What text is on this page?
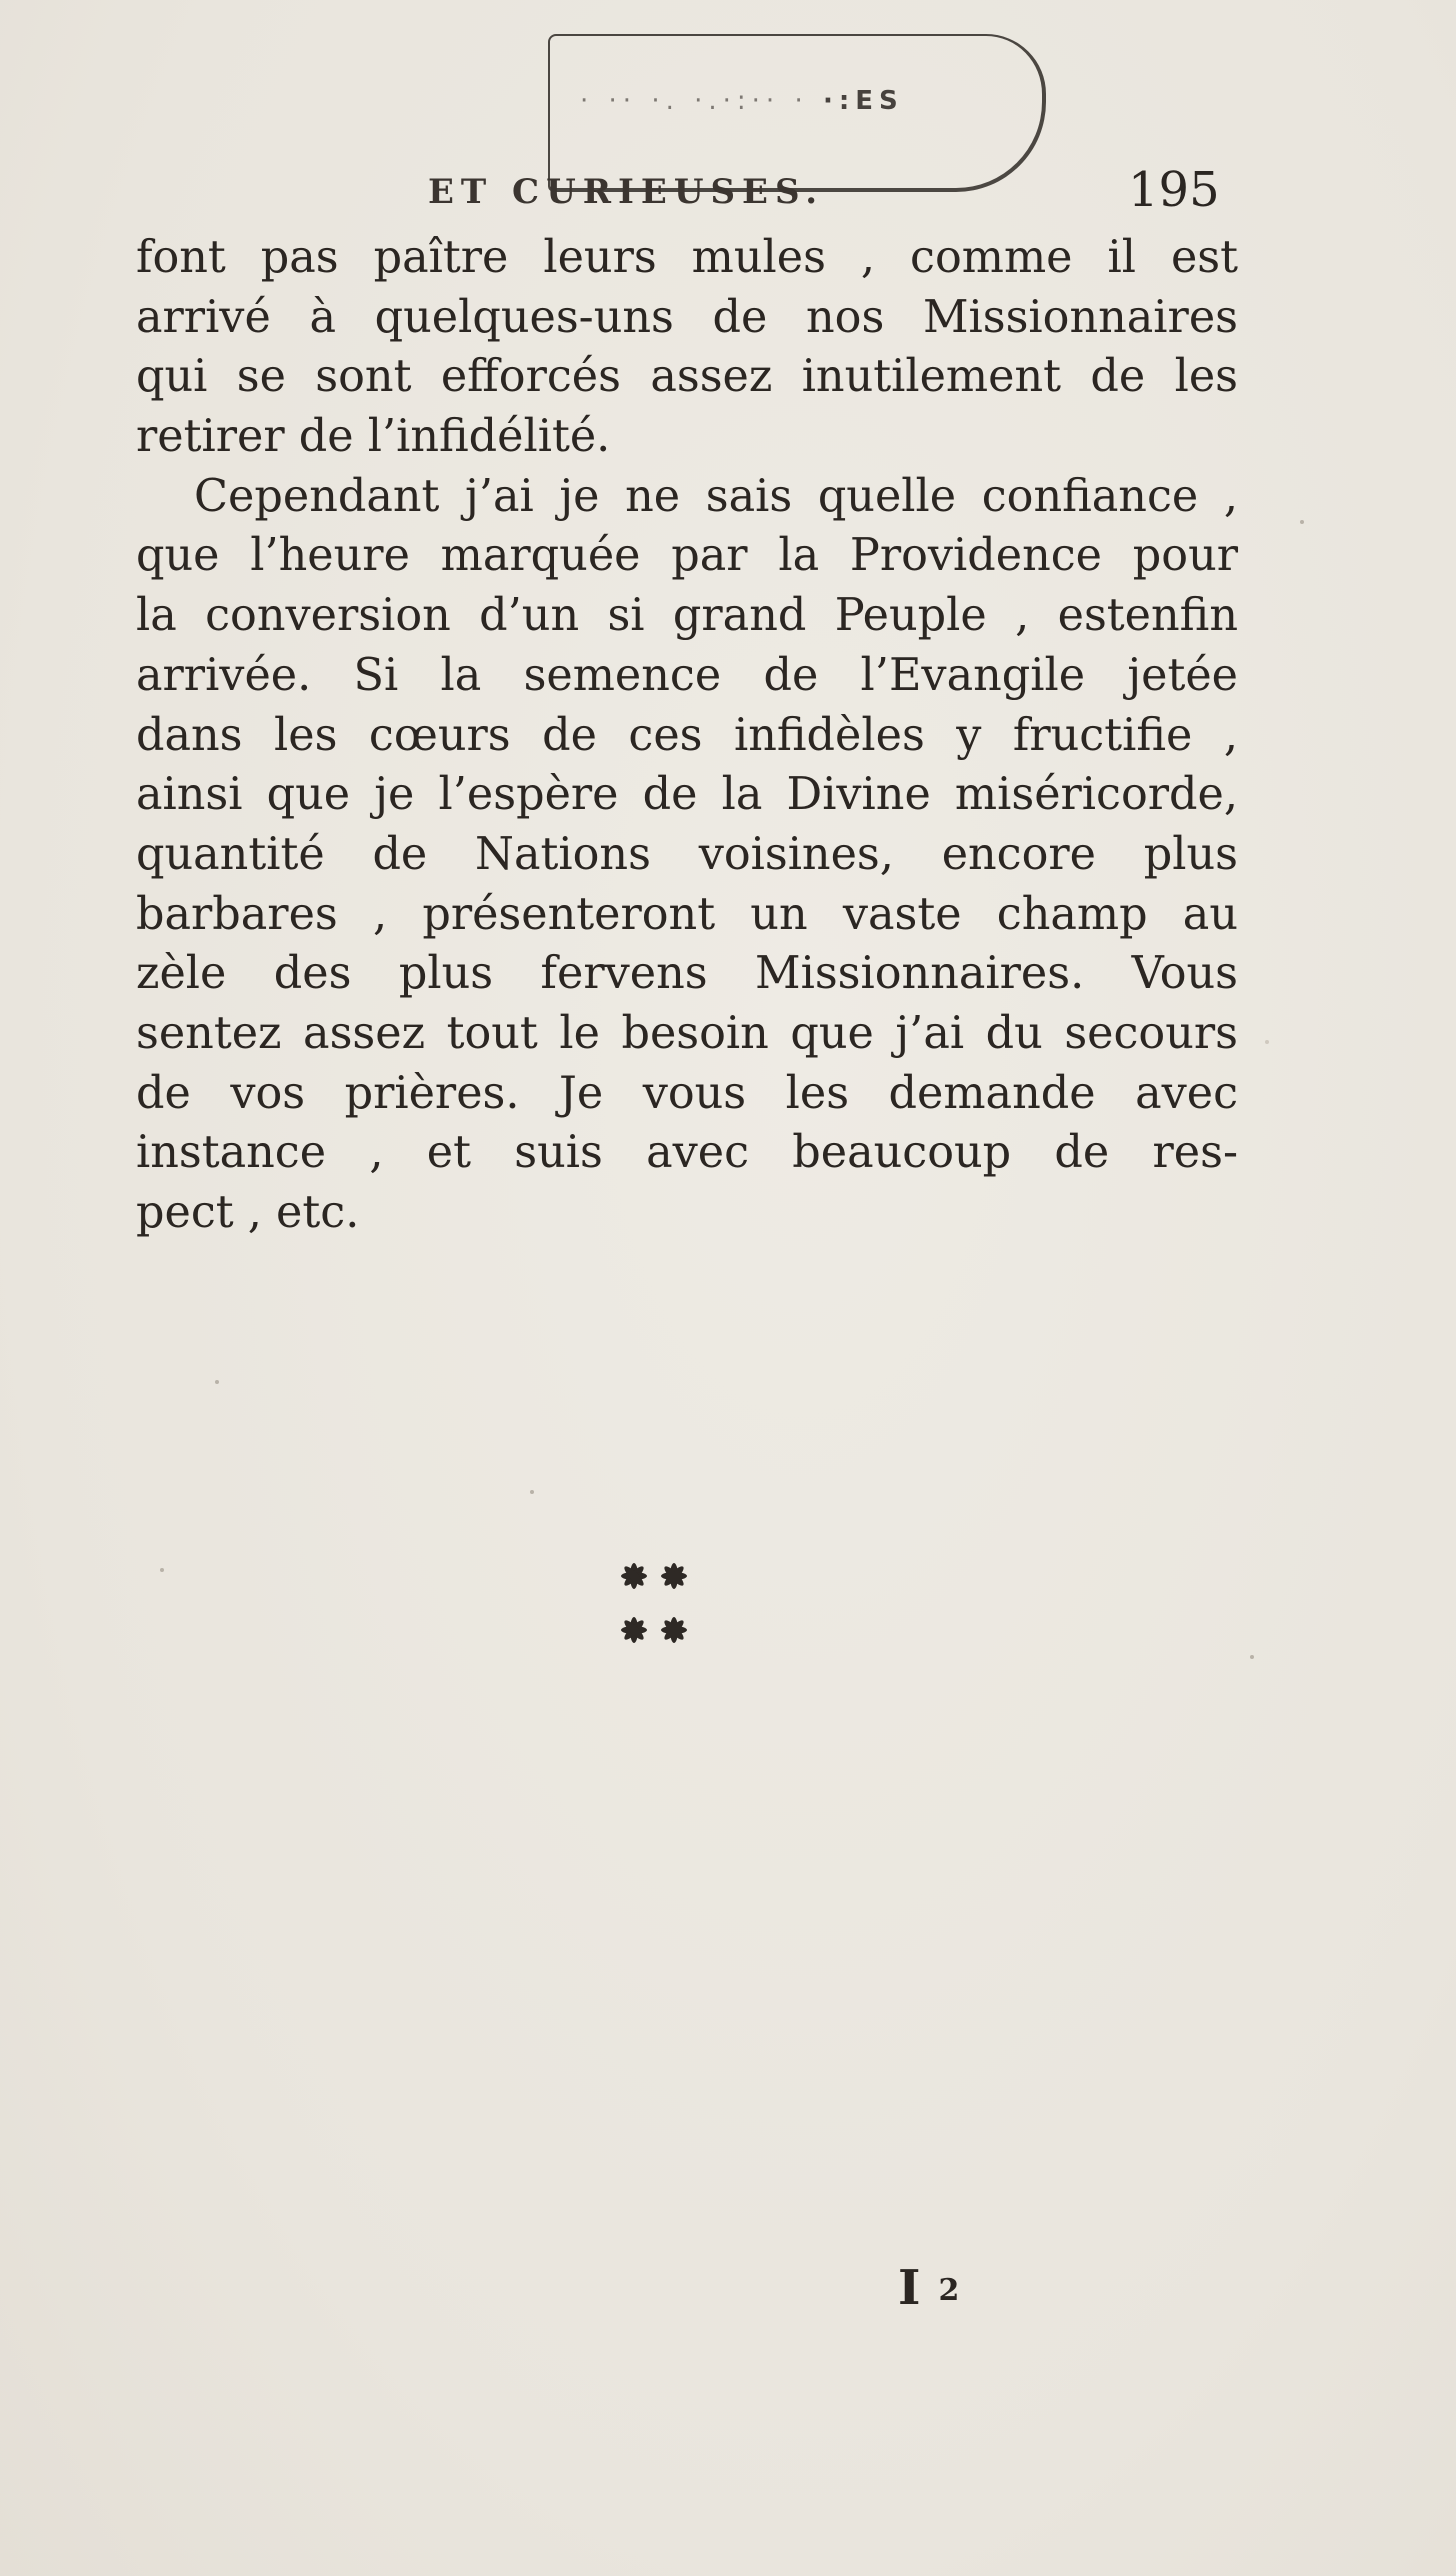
· ·· ·. ·.·:·· · ·:ES
ET CURIEUSES.	195
font pas paître leurs mules , comme il est
arrivé à quelques-uns de nos Missionnaires
qui se sont efforcés assez inutilement de les
retirer de l’infidélité.
Cependant j’ai je ne sais quelle confiance ,
que l’heure marquée par la Providence pour
la conversion d’un si grand Peuple , estenfin
arrivée. Si la semence de l’Evangile jetée
dans les cœurs de ces infidèles y fructifie ,
ainsi que je l’espère de la Divine miséricorde,
quantité de Nations voisines, encore plus
barbares , présenteront un vaste champ au
zèle des plus fervens Missionnaires. Vous
sentez assez tout le besoin que j’ai du secours
de vos prières. Je vous les demande avec
instance , et suis avec beaucoup de res-
pect , etc.
I 2
